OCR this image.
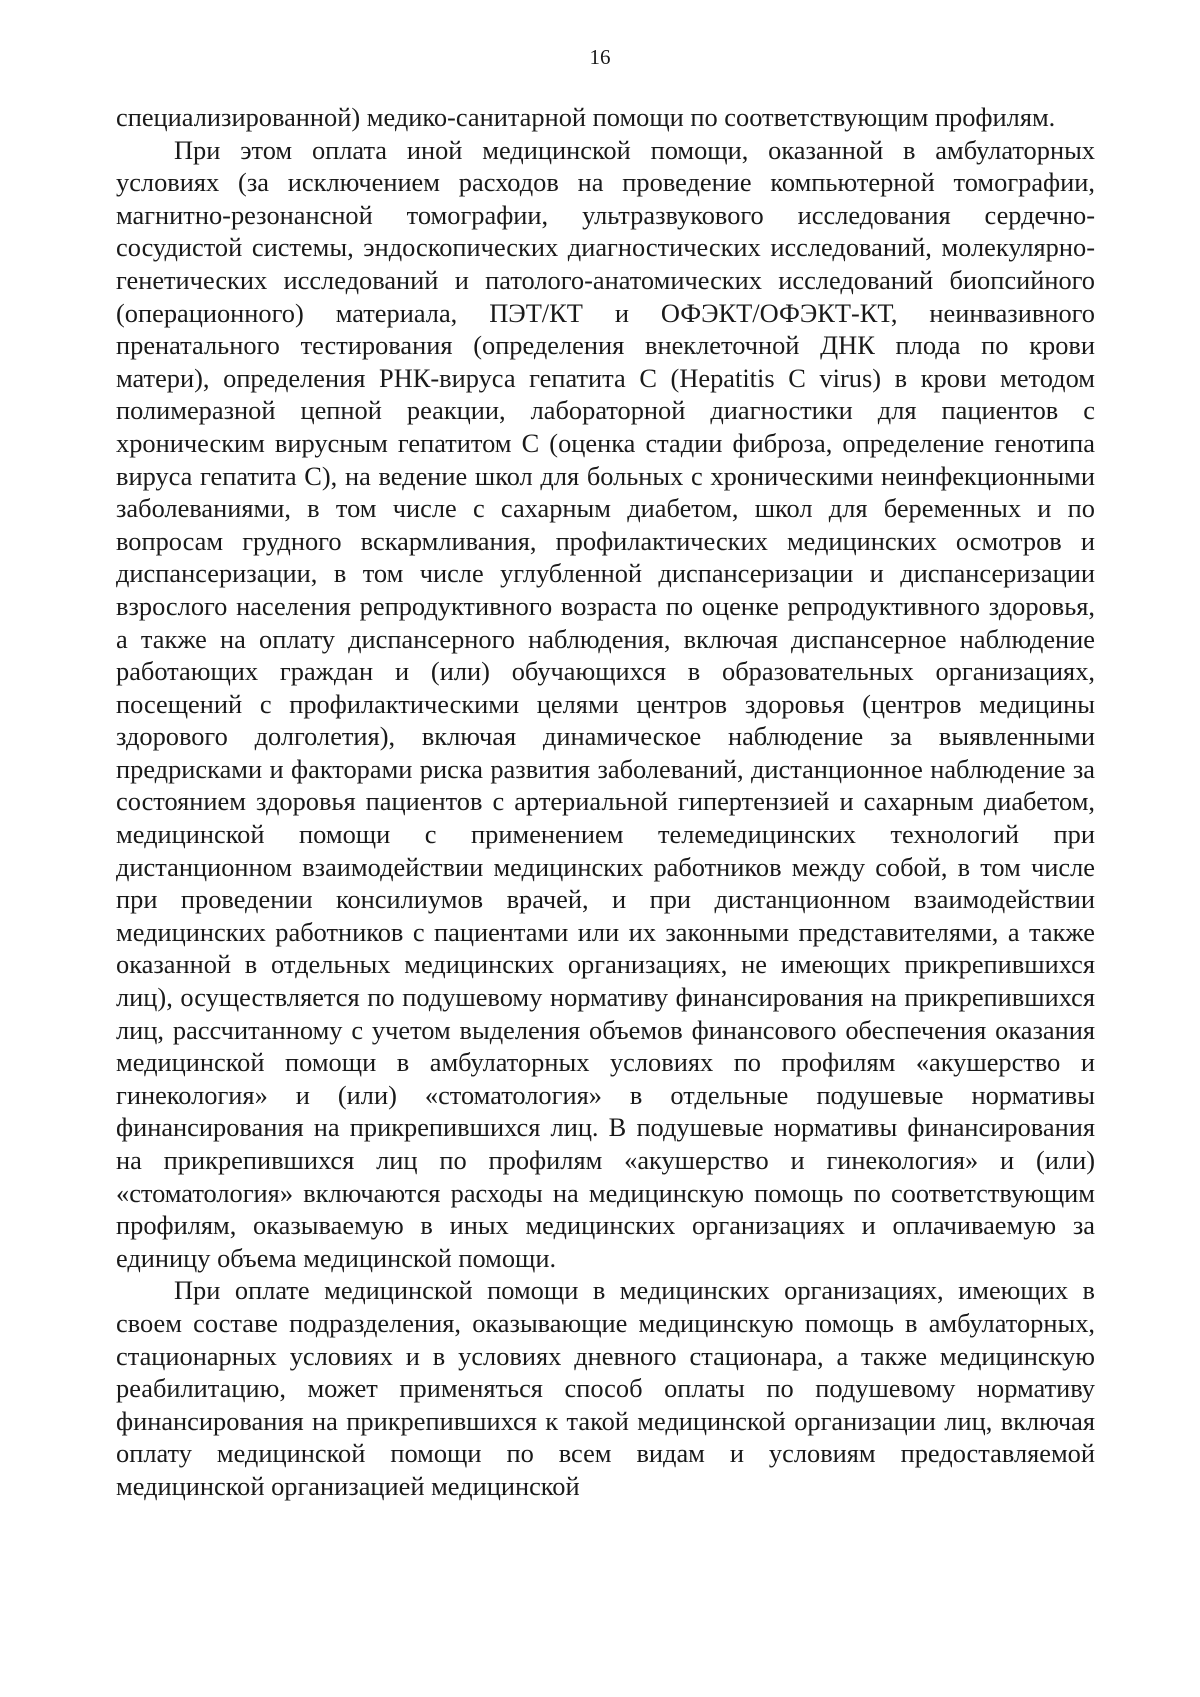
16

специализированной) медико-санитарной помощи по соответствующим профилям.

При этом оплата иной медицинской помощи, оказанной в амбулаторных условиях (за исключением расходов на проведение компьютерной томографии, магнитно-резонансной томографии, ультразвукового исследования сердечно-сосудистой системы, эндоскопических диагностических исследований, молекулярно-генетических исследований и патолого-анатомических исследований биопсийного (операционного) материала, ПЭТ/КТ и ОФЭКТ/ОФЭКТ-КТ, неинвазивного пренатального тестирования (определения внеклеточной ДНК плода по крови матери), определения РНК-вируса гепатита С (Hepatitis C virus) в крови методом полимеразной цепной реакции, лабораторной диагностики для пациентов с хроническим вирусным гепатитом С (оценка стадии фиброза, определение генотипа вируса гепатита С), на ведение школ для больных с хроническими неинфекционными заболеваниями, в том числе с сахарным диабетом, школ для беременных и по вопросам грудного вскармливания, профилактических медицинских осмотров и диспансеризации, в том числе углубленной диспансеризации и диспансеризации взрослого населения репродуктивного возраста по оценке репродуктивного здоровья, а также на оплату диспансерного наблюдения, включая диспансерное наблюдение работающих граждан и (или) обучающихся в образовательных организациях, посещений с профилактическими целями центров здоровья (центров медицины здорового долголетия), включая динамическое наблюдение за выявленными предрисками и факторами риска развития заболеваний, дистанционное наблюдение за состоянием здоровья пациентов с артериальной гипертензией и сахарным диабетом, медицинской помощи с применением телемедицинских технологий при дистанционном взаимодействии медицинских работников между собой, в том числе при проведении консилиумов врачей, и при дистанционном взаимодействии медицинских работников с пациентами или их законными представителями, а также оказанной в отдельных медицинских организациях, не имеющих прикрепившихся лиц), осуществляется по подушевому нормативу финансирования на прикрепившихся лиц, рассчитанному с учетом выделения объемов финансового обеспечения оказания медицинской помощи в амбулаторных условиях по профилям «акушерство и гинекология» и (или) «стоматология» в отдельные подушевые нормативы финансирования на прикрепившихся лиц. В подушевые нормативы финансирования на прикрепившихся лиц по профилям «акушерство и гинекология» и (или) «стоматология» включаются расходы на медицинскую помощь по соответствующим профилям, оказываемую в иных медицинских организациях и оплачиваемую за единицу объема медицинской помощи.

При оплате медицинской помощи в медицинских организациях, имеющих в своем составе подразделения, оказывающие медицинскую помощь в амбулаторных, стационарных условиях и в условиях дневного стационара, а также медицинскую реабилитацию, может применяться способ оплаты по подушевому нормативу финансирования на прикрепившихся к такой медицинской организации лиц, включая оплату медицинской помощи по всем видам и условиям предоставляемой медицинской организацией медицинской
